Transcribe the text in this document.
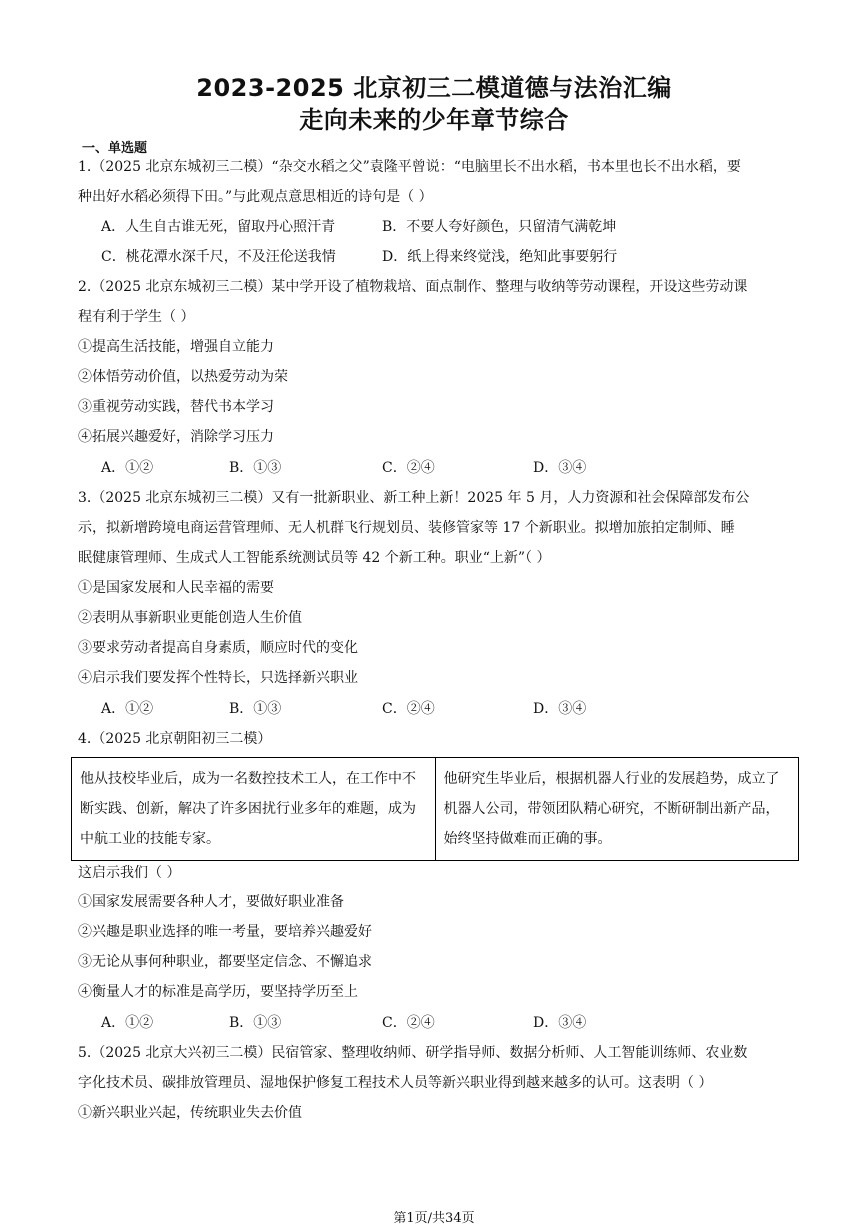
2023-2025 北京初三二模道德与法治汇编
走向未来的少年章节综合
一、单选题
1.（2025 北京东城初三二模）“杂交水稻之父”袁隆平曾说：“电脑里长不出水稻，书本里也长不出水稻，要
种出好水稻必须得下田。”与此观点意思相近的诗句是（ ）
A．人生自古谁无死，留取丹心照汗青	B．不要人夸好颜色，只留清气满乾坤
C．桃花潭水深千尺，不及汪伦送我情	D．纸上得来终觉浅，绝知此事要躬行
2.（2025 北京东城初三二模）某中学开设了植物栽培、面点制作、整理与收纳等劳动课程，开设这些劳动课
程有利于学生（ ）
①提高生活技能，增强自立能力
②体悟劳动价值，以热爱劳动为荣
③重视劳动实践，替代书本学习
④拓展兴趣爱好，消除学习压力
A．①②	B．①③	C．②④	D．③④
3.（2025 北京东城初三二模）又有一批新职业、新工种上新！2025 年 5 月，人力资源和社会保障部发布公
示，拟新增跨境电商运营管理师、无人机群飞行规划员、装修管家等 17 个新职业。拟增加旅拍定制师、睡
眠健康管理师、生成式人工智能系统测试员等 42 个新工种。职业“上新”（ ）
①是国家发展和人民幸福的需要
②表明从事新职业更能创造人生价值
③要求劳动者提高自身素质，顺应时代的变化
④启示我们要发挥个性特长，只选择新兴职业
A．①②	B．①③	C．②④	D．③④
4.（2025 北京朝阳初三二模）
他从技校毕业后，成为一名数控技术工人，在工作中不断实践、创新，解决了许多困扰行业多年的难题，成为中航工业的技能专家。	他研究生毕业后，根据机器人行业的发展趋势，成立了机器人公司，带领团队精心研究，不断研制出新产品，始终坚持做难而正确的事。
这启示我们（ ）
①国家发展需要各种人才，要做好职业准备
②兴趣是职业选择的唯一考量，要培养兴趣爱好
③无论从事何种职业，都要坚定信念、不懈追求
④衡量人才的标准是高学历，要坚持学历至上
A．①②	B．①③	C．②④	D．③④
5.（2025 北京大兴初三二模）民宿管家、整理收纳师、研学指导师、数据分析师、人工智能训练师、农业数
字化技术员、碳排放管理员、湿地保护修复工程技术人员等新兴职业得到越来越多的认可。这表明（ ）
①新兴职业兴起，传统职业失去价值
第1页/共34页
